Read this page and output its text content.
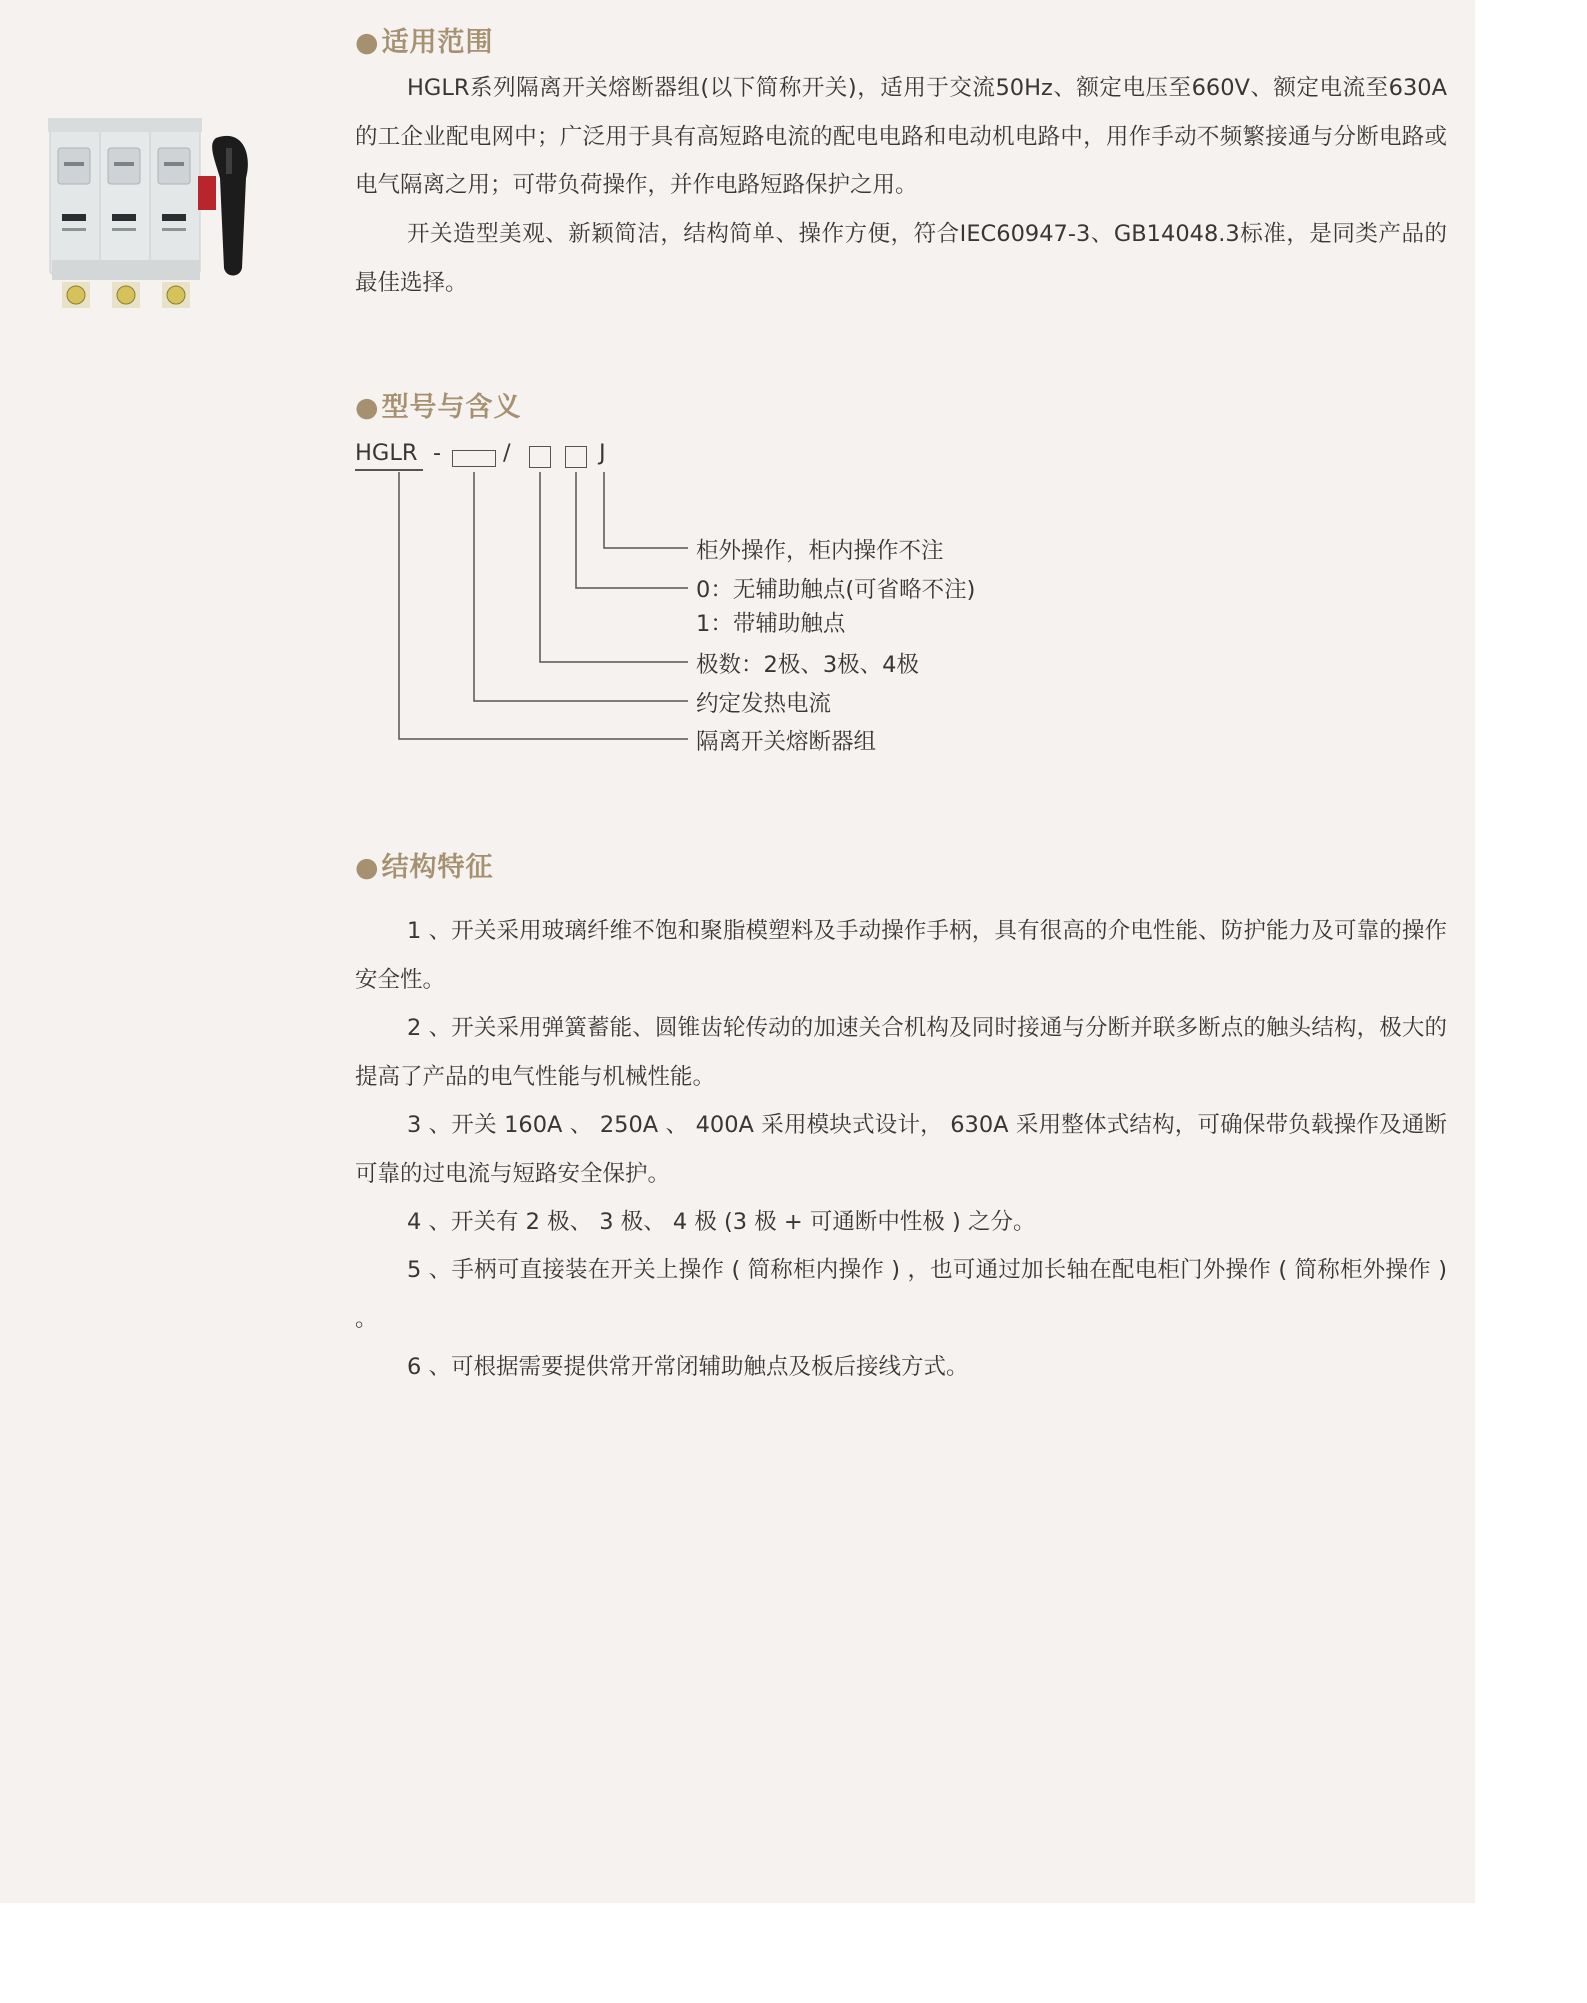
●适用范围

HGLR系列隔离开关熔断器组(以下简称开关)，适用于交流50Hz、额定电压至660V、额定电流至630A的工企业配电网中；广泛用于具有高短路电流的配电电路和电动机电路中，用作手动不频繁接通与分断电路或电气隔离之用；可带负荷操作，并作电路短路保护之用。

开关造型美观、新颖简洁，结构简单、操作方便，符合IEC60947-3、GB14048.3标准，是同类产品的最佳选择。

●型号与含义
HGLR -	/	J
柜外操作，柜内操作不注
0：无辅助触点(可省略不注)
1：带辅助触点
极数：2极、3极、4极
约定发热电流
隔离开关熔断器组
●结构特征

1 、开关采用玻璃纤维不饱和聚脂模塑料及手动操作手柄，具有很高的介电性能、防护能力及可靠的操作安全性。

2 、开关采用弹簧蓄能、圆锥齿轮传动的加速关合机构及同时接通与分断并联多断点的触头结构，极大的提高了产品的电气性能与机械性能。

3 、开关 160A 、 250A 、 400A 采用模块式设计， 630A 采用整体式结构，可确保带负载操作及通断可靠的过电流与短路安全保护。

4 、开关有 2 极、 3 极、 4 极 (3 极 + 可通断中性极 ) 之分。

5 、手柄可直接装在开关上操作 ( 简称柜内操作 ) ，也可通过加长轴在配电柜门外操作 ( 简称柜外操作 ) 。

6 、可根据需要提供常开常闭辅助触点及板后接线方式。
